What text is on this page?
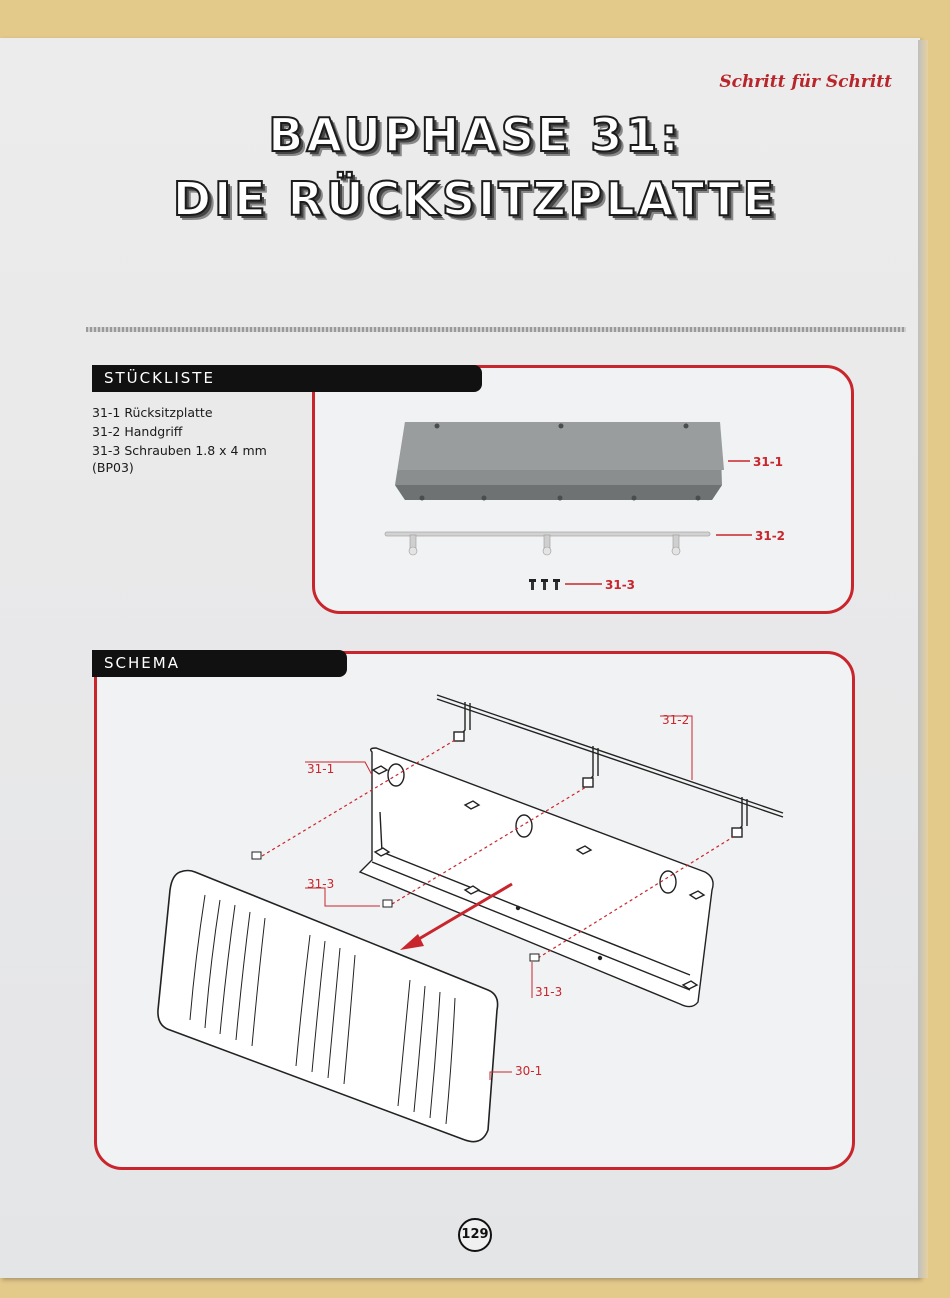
Schritt für Schritt
BAUPHASE 31:
DIE RÜCKSITZPLATTE
STÜCKLISTE
31-1 Rücksitzplatte
31-2 Handgriff
31-3 Schrauben 1.8 x 4 mm
(BP03)
SCHEMA
31-1
31-2
31-3
31-2
31-1
31-3
31-3
30-1
129
